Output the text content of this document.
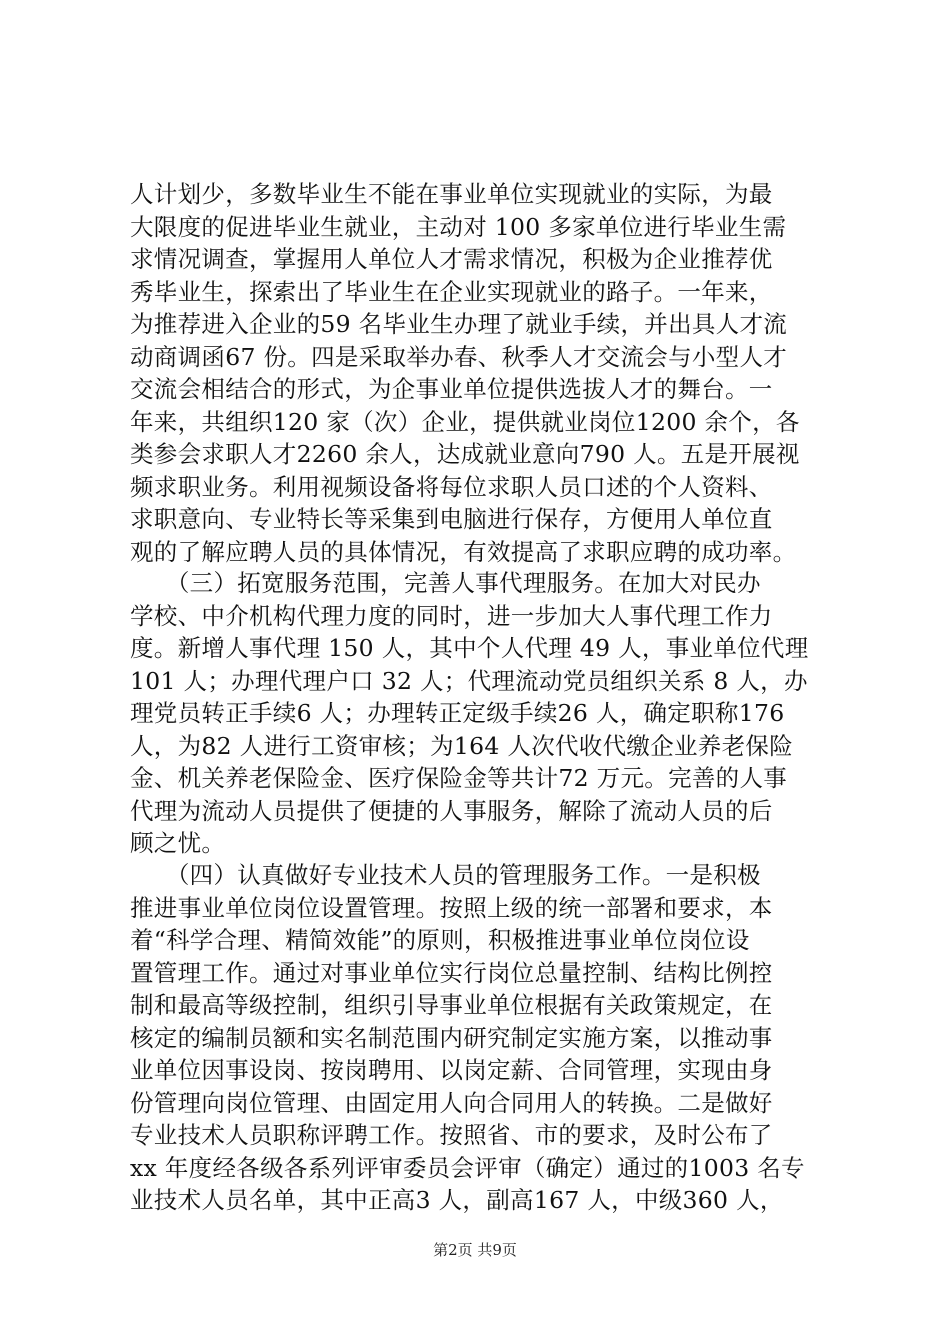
人计划少，多数毕业生不能在事业单位实现就业的实际，为最
大限度的促进毕业生就业，主动对 100 多家单位进行毕业生需
求情况调查，掌握用人单位人才需求情况，积极为企业推荐优
秀毕业生，探索出了毕业生在企业实现就业的路子。一年来，
为推荐进入企业的59 名毕业生办理了就业手续，并出具人才流
动商调函67 份。四是采取举办春、秋季人才交流会与小型人才
交流会相结合的形式，为企事业单位提供选拔人才的舞台。一
年来，共组织120 家（次）企业，提供就业岗位1200 余个，各
类参会求职人才2260 余人，达成就业意向790 人。五是开展视
频求职业务。利用视频设备将每位求职人员口述的个人资料、
求职意向、专业特长等采集到电脑进行保存，方便用人单位直
观的了解应聘人员的具体情况，有效提高了求职应聘的成功率。
　　（三）拓宽服务范围，完善人事代理服务。在加大对民办
学校、中介机构代理力度的同时，进一步加大人事代理工作力
度。新增人事代理 150 人，其中个人代理 49 人，事业单位代理
101 人；办理代理户口 32 人；代理流动党员组织关系 8 人，办
理党员转正手续6 人；办理转正定级手续26 人，确定职称176
人，为82 人进行工资审核；为164 人次代收代缴企业养老保险
金、机关养老保险金、医疗保险金等共计72 万元。完善的人事
代理为流动人员提供了便捷的人事服务，解除了流动人员的后
顾之忧。
　　（四）认真做好专业技术人员的管理服务工作。一是积极
推进事业单位岗位设置管理。按照上级的统一部署和要求，本
着“科学合理、精简效能”的原则，积极推进事业单位岗位设
置管理工作。通过对事业单位实行岗位总量控制、结构比例控
制和最高等级控制，组织引导事业单位根据有关政策规定，在
核定的编制员额和实名制范围内研究制定实施方案，以推动事
业单位因事设岗、按岗聘用、以岗定薪、合同管理，实现由身
份管理向岗位管理、由固定用人向合同用人的转换。二是做好
专业技术人员职称评聘工作。按照省、市的要求，及时公布了
xx 年度经各级各系列评审委员会评审（确定）通过的1003 名专
业技术人员名单，其中正高3 人，副高167 人，中级360 人，
第2页 共9页
